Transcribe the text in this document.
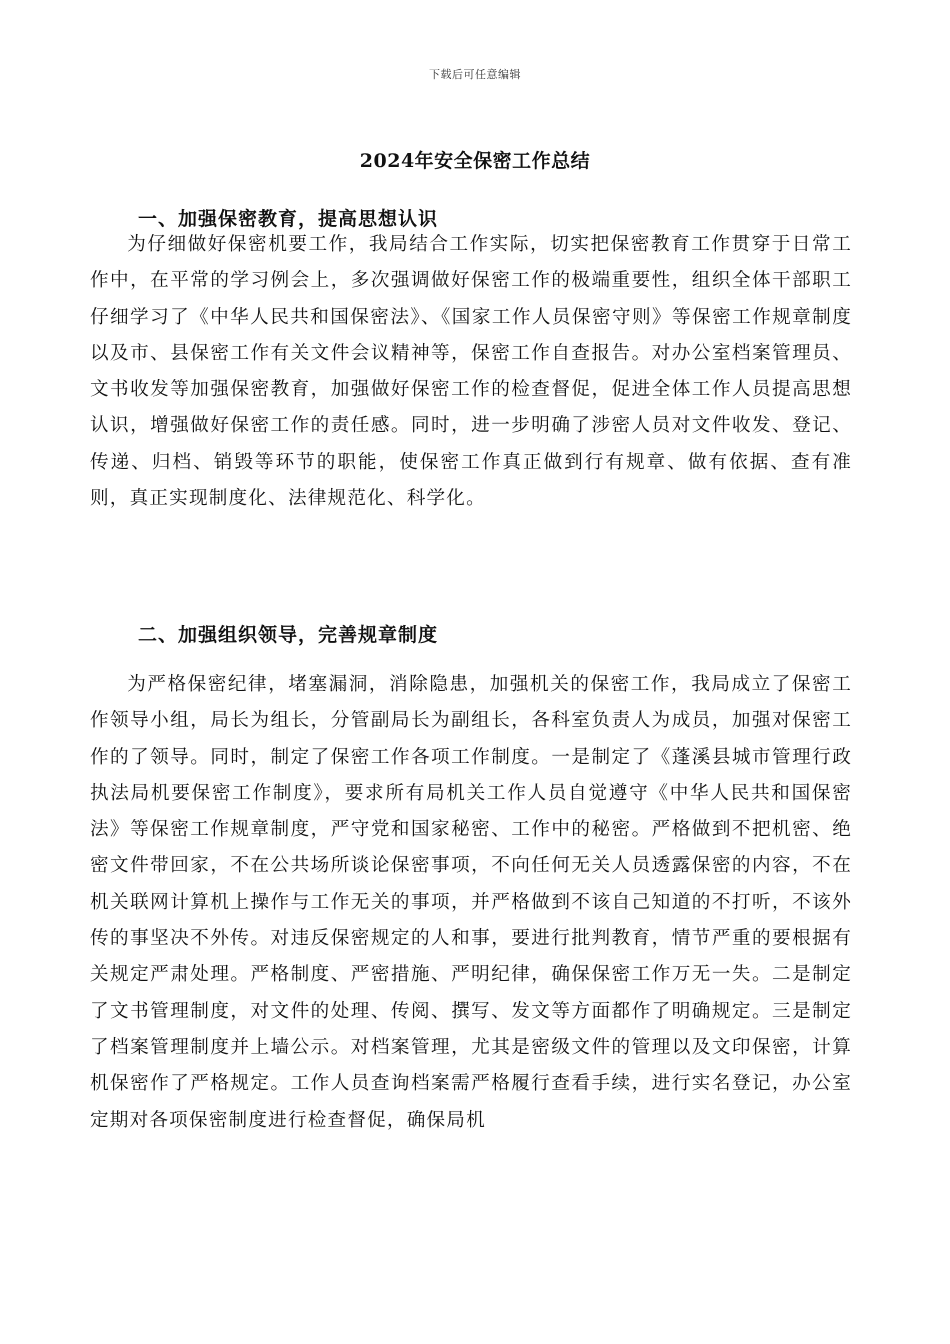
下载后可任意编辑
2024年安全保密工作总结
一、加强保密教育，提高思想认识

为仔细做好保密机要工作，我局结合工作实际，切实把保密教育工作贯穿于日常工作中，在平常的学习例会上，多次强调做好保密工作的极端重要性，组织全体干部职工仔细学习了《中华人民共和国保密法》、《国家工作人员保密守则》等保密工作规章制度以及市、县保密工作有关文件会议精神等，保密工作自查报告。对办公室档案管理员、文书收发等加强保密教育，加强做好保密工作的检查督促，促进全体工作人员提高思想认识，增强做好保密工作的责任感。同时，进一步明确了涉密人员对文件收发、登记、传递、归档、销毁等环节的职能，使保密工作真正做到行有规章、做有依据、查有准则，真正实现制度化、法律规范化、科学化。

二、加强组织领导，完善规章制度

为严格保密纪律，堵塞漏洞，消除隐患，加强机关的保密工作，我局成立了保密工作领导小组，局长为组长，分管副局长为副组长，各科室负责人为成员，加强对保密工作的了领导。同时，制定了保密工作各项工作制度。一是制定了《蓬溪县城市管理行政执法局机要保密工作制度》，要求所有局机关工作人员自觉遵守《中华人民共和国保密法》等保密工作规章制度，严守党和国家秘密、工作中的秘密。严格做到不把机密、绝密文件带回家，不在公共场所谈论保密事项，不向任何无关人员透露保密的内容，不在机关联网计算机上操作与工作无关的事项，并严格做到不该自己知道的不打听，不该外传的事坚决不外传。对违反保密规定的人和事，要进行批判教育，情节严重的要根据有关规定严肃处理。严格制度、严密措施、严明纪律，确保保密工作万无一失。二是制定了文书管理制度，对文件的处理、传阅、撰写、发文等方面都作了明确规定。三是制定了档案管理制度并上墙公示。对档案管理，尤其是密级文件的管理以及文印保密，计算机保密作了严格规定。工作人员查询档案需严格履行查看手续，进行实名登记，办公室定期对各项保密制度进行检查督促，确保局机
